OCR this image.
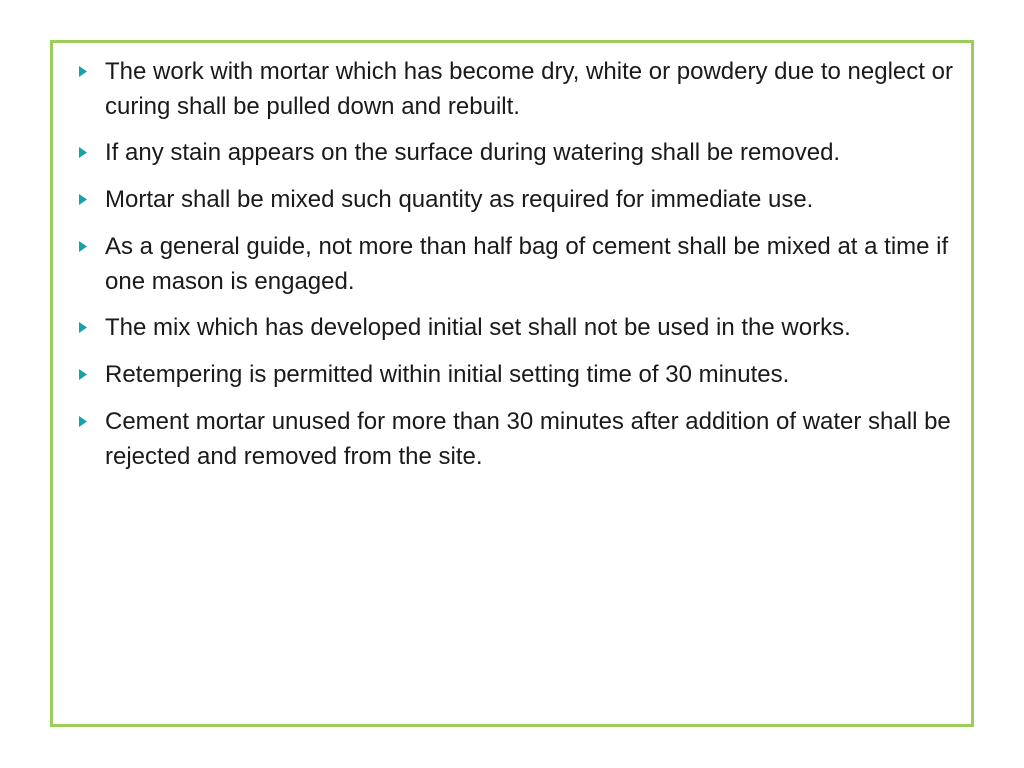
The work with mortar which has become dry, white or powdery due to neglect or curing shall be pulled down and rebuilt.
If any stain appears on the surface during watering shall be removed.
Mortar shall be mixed such quantity as required for immediate use.
As a general guide, not more than half bag of cement shall be mixed at a time if one mason is engaged.
The mix which has developed initial set shall not be used in the works.
Retempering is permitted within initial setting time of 30 minutes.
Cement mortar unused for more than 30 minutes after addition of water shall be rejected and removed from the site.
